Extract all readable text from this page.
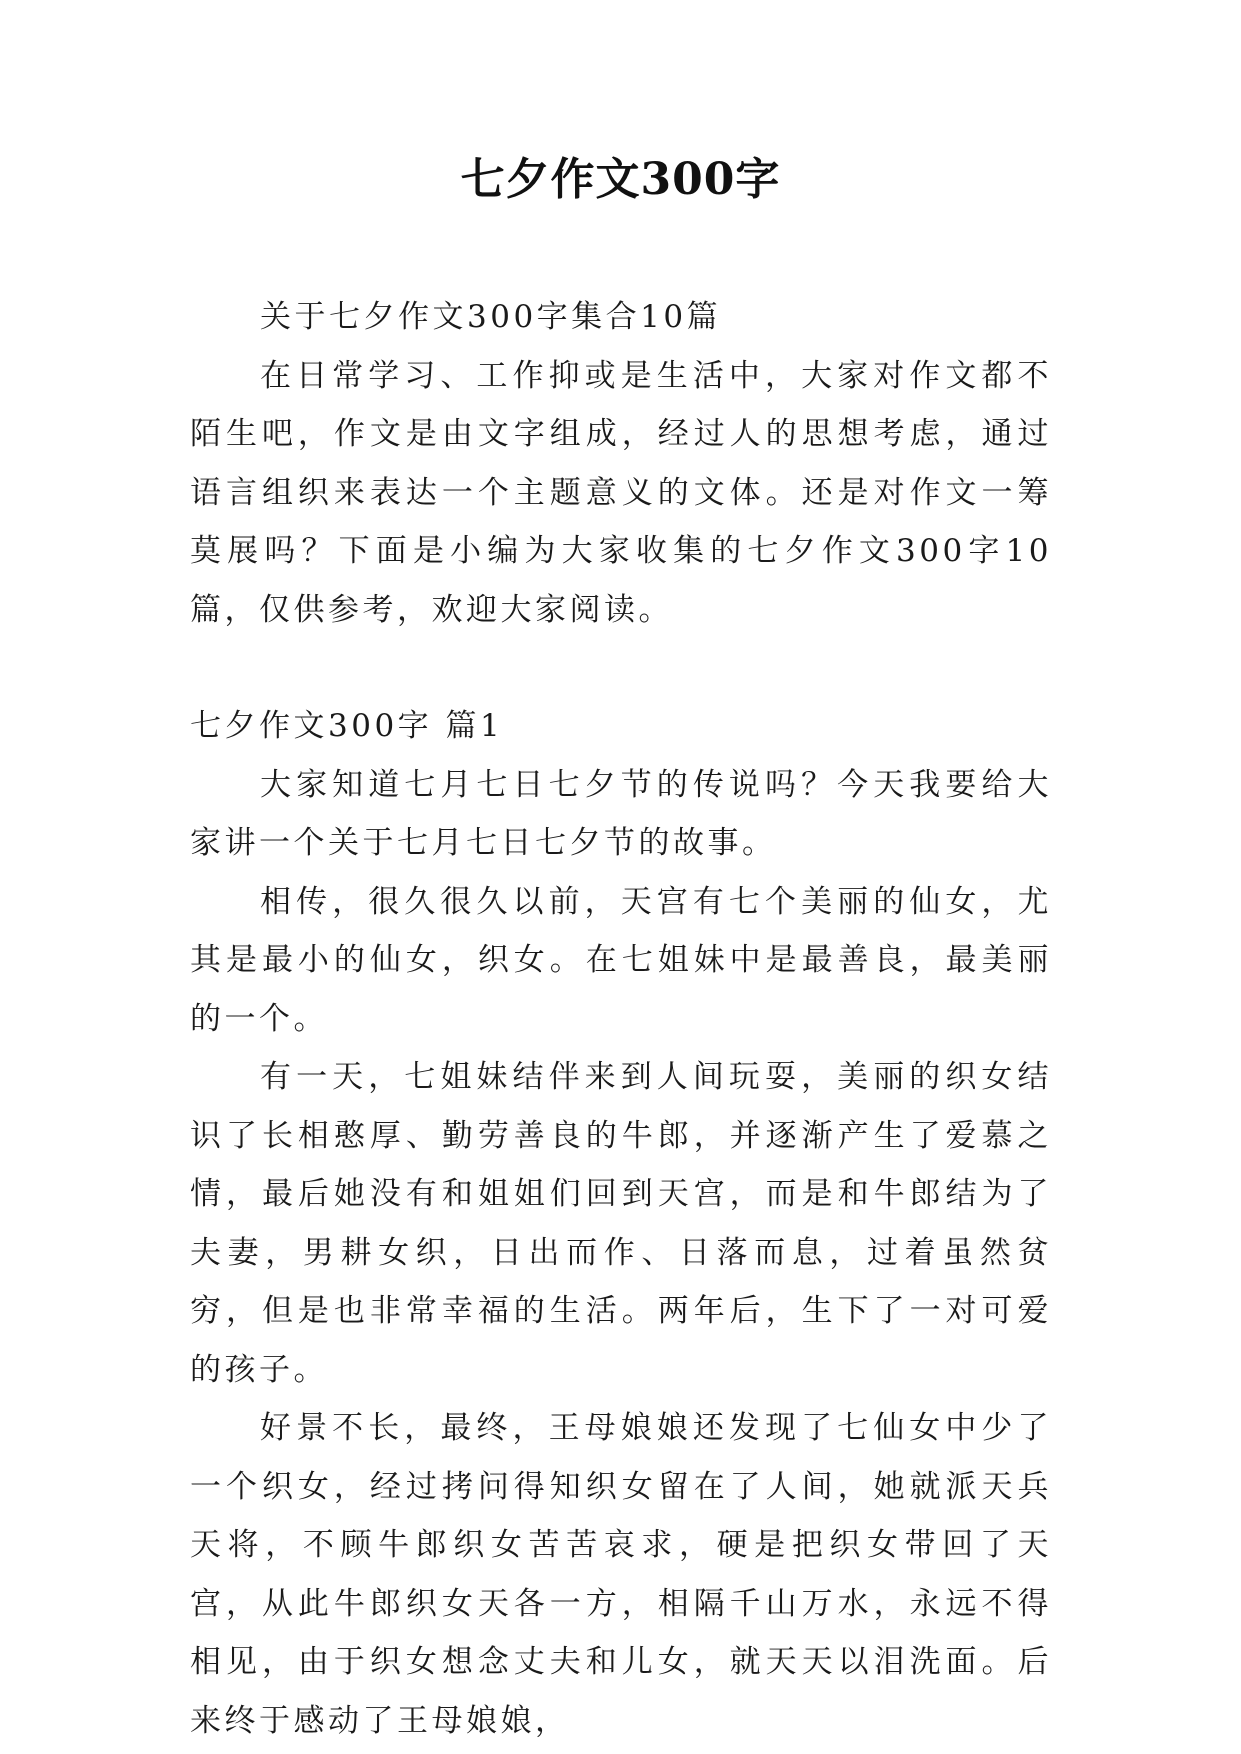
七夕作文300字

关于七夕作文300字集合10篇

在日常学习、工作抑或是生活中，大家对作文都不陌生吧，作文是由文字组成，经过人的思想考虑，通过语言组织来表达一个主题意义的文体。还是对作文一筹莫展吗？下面是小编为大家收集的七夕作文300字10篇，仅供参考，欢迎大家阅读。

七夕作文300字 篇1

大家知道七月七日七夕节的传说吗？今天我要给大家讲一个关于七月七日七夕节的故事。

相传，很久很久以前，天宫有七个美丽的仙女，尤其是最小的仙女，织女。在七姐妹中是最善良，最美丽的一个。

有一天，七姐妹结伴来到人间玩耍，美丽的织女结识了长相憨厚、勤劳善良的牛郎，并逐渐产生了爱慕之情，最后她没有和姐姐们回到天宫，而是和牛郎结为了夫妻，男耕女织，日出而作、日落而息，过着虽然贫穷，但是也非常幸福的生活。两年后，生下了一对可爱的孩子。

好景不长，最终，王母娘娘还发现了七仙女中少了一个织女，经过拷问得知织女留在了人间，她就派天兵天将，不顾牛郎织女苦苦哀求，硬是把织女带回了天宫，从此牛郎织女天各一方，相隔千山万水，永远不得相见，由于织女想念丈夫和儿女，就天天以泪洗面。后来终于感动了王母娘娘，
